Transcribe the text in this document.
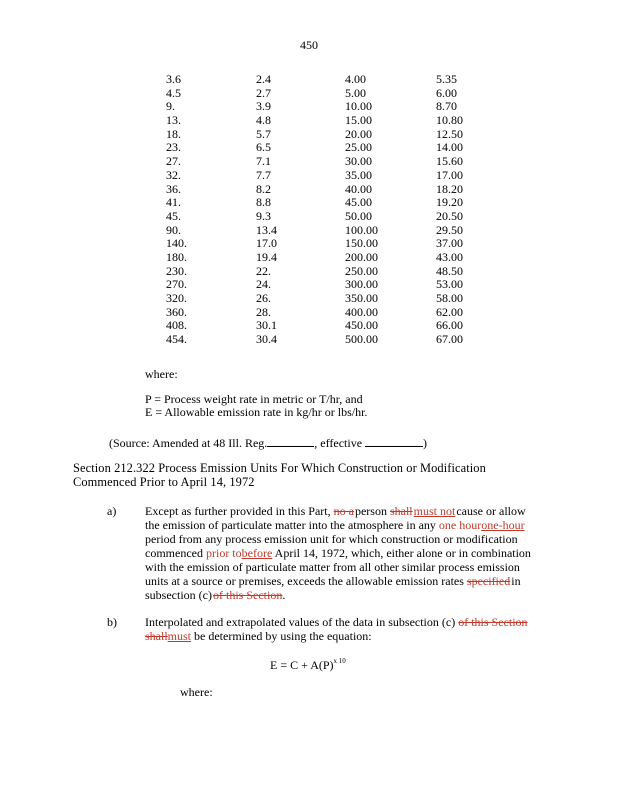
450
3.6
4.5
9.
13.
18.
23.
27.
32.
36.
41.
45.
90.
140.
180.
230.
270.
320.
360.
408.
454.
2.4
2.7
3.9
4.8
5.7
6.5
7.1
7.7
8.2
8.8
9.3
13.4
17.0
19.4
22.
24.
26.
28.
30.1
30.4
4.00
5.00
10.00
15.00
20.00
25.00
30.00
35.00
40.00
45.00
50.00
100.00
150.00
200.00
250.00
300.00
350.00
400.00
450.00
500.00
5.35
6.00
8.70
10.80
12.50
14.00
15.60
17.00
18.20
19.20
20.50
29.50
37.00
43.00
48.50
53.00
58.00
62.00
66.00
67.00
where:
P = Process weight rate in metric or T/hr, and
E = Allowable emission rate in kg/hr or lbs/hr.
(Source: Amended at 48 Ill. Reg.	, effective	)
Section 212.322 Process Emission Units For Which Construction or Modification
Commenced Prior to April 14, 1972
a) Except as further provided in this Part, no a person shall must not cause or allow
the emission of particulate matter into the atmosphere in any one hourone-hour
period from any process emission unit for which construction or modification
commenced prior tobefore April 14, 1972, which, either alone or in combination
with the emission of particulate matter from all other similar process emission
units at a source or premises, exceeds the allowable emission rates specified in
subsection (c) of this Section.
b) Interpolated and extrapolated values of the data in subsection (c) of this Section
shallmust be determined by using the equation:
$E = C + A(P)^{x 10}$
where:
